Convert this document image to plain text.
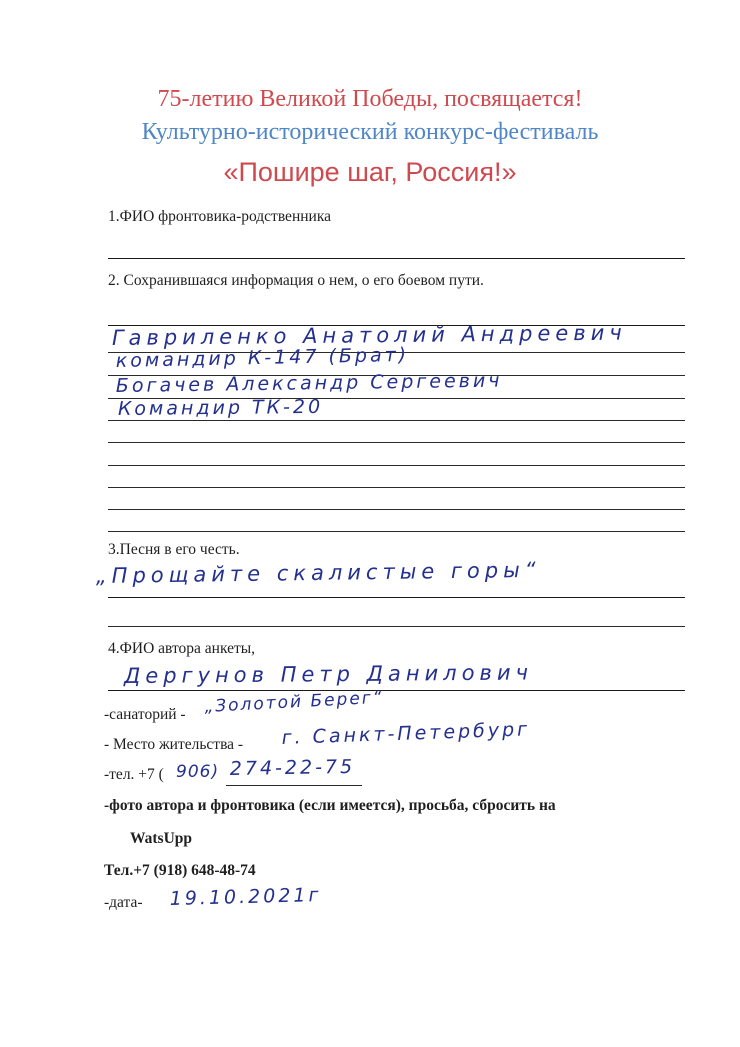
75-летию Великой Победы, посвящается!
Культурно-исторический конкурс-фестиваль
«Пошире шаг, Россия!»
1.ФИО фронтовика-родственника
2. Сохранившаяся информация о нем, о его боевом пути.
Гавриленко Анатолий Андреевич
командир К-147 (Брат)
Богачев Александр Сергеевич
Командир ТК-20
3.Песня в его честь.
„Прощайте скалистые горы“
4.ФИО автора анкеты,
Дергунов Петр Данилович
-санаторий - „Золотой Берег“
- Место жительства - г. Санкт-Петербург
-тел. +7 ( 906) 274-22-75
-фото автора и фронтовика (если имеется), просьба, сбросить на
WatsUpp
Тел.+7 (918) 648-48-74
-дата- 19.10.2021г
